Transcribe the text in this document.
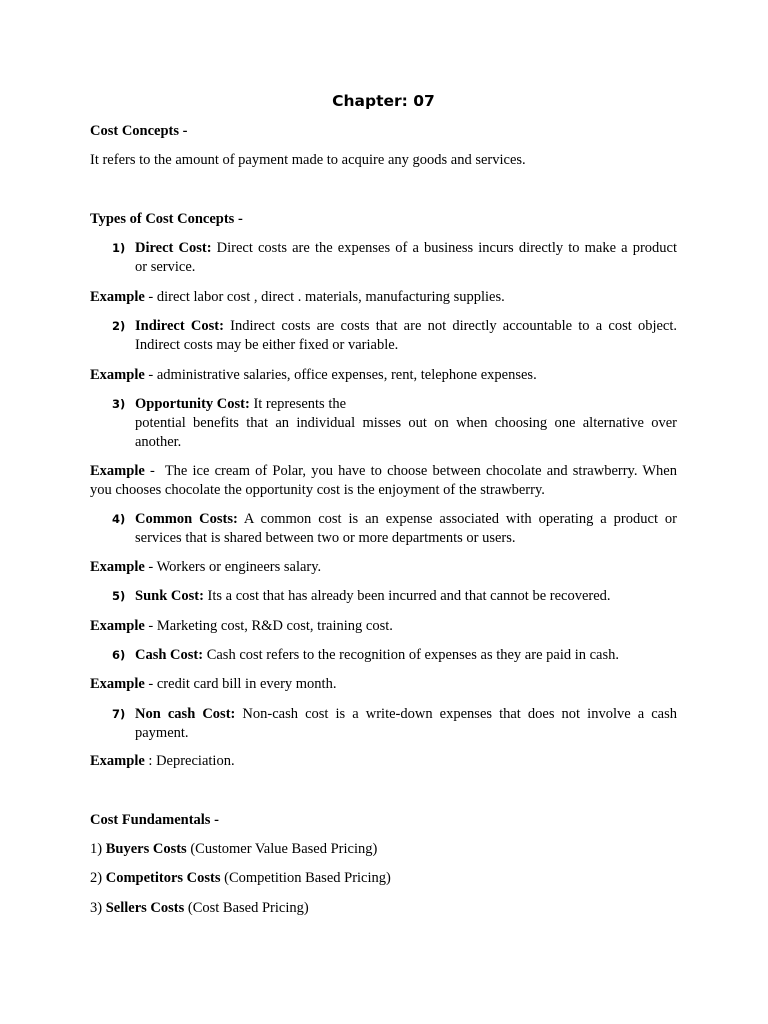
Chapter: 07
Cost Concepts -
It refers to the amount of payment made to acquire any goods and services.
Types of Cost Concepts -
1) Direct Cost: Direct costs are the expenses of a business incurs directly to make a product
or service.
Example - direct labor cost , direct . materials, manufacturing supplies.
2) Indirect Cost: Indirect costs are costs that are not directly accountable to a cost object.
Indirect costs may be either fixed or variable.
Example - administrative salaries, office expenses, rent, telephone expenses.
3) Opportunity Cost: It represents the
potential benefits that an individual misses out on when choosing one alternative over
another.
Example -  The ice cream of Polar, you have to choose between chocolate and strawberry. When
you chooses chocolate the opportunity cost is the enjoyment of the strawberry.
4) Common Costs: A common cost is an expense associated with operating a product or
services that is shared between two or more departments or users.
Example - Workers or engineers salary.
5) Sunk Cost: Its a cost that has already been incurred and that cannot be recovered.
Example - Marketing cost, R&D cost, training cost.
6) Cash Cost: Cash cost refers to the recognition of expenses as they are paid in cash.
Example - credit card bill in every month.
7) Non cash Cost: Non-cash cost is a write-down expenses that does not involve a cash
payment.
Example : Depreciation.
Cost Fundamentals -
1) Buyers Costs (Customer Value Based Pricing)
2) Competitors Costs (Competition Based Pricing)
3) Sellers Costs (Cost Based Pricing)
